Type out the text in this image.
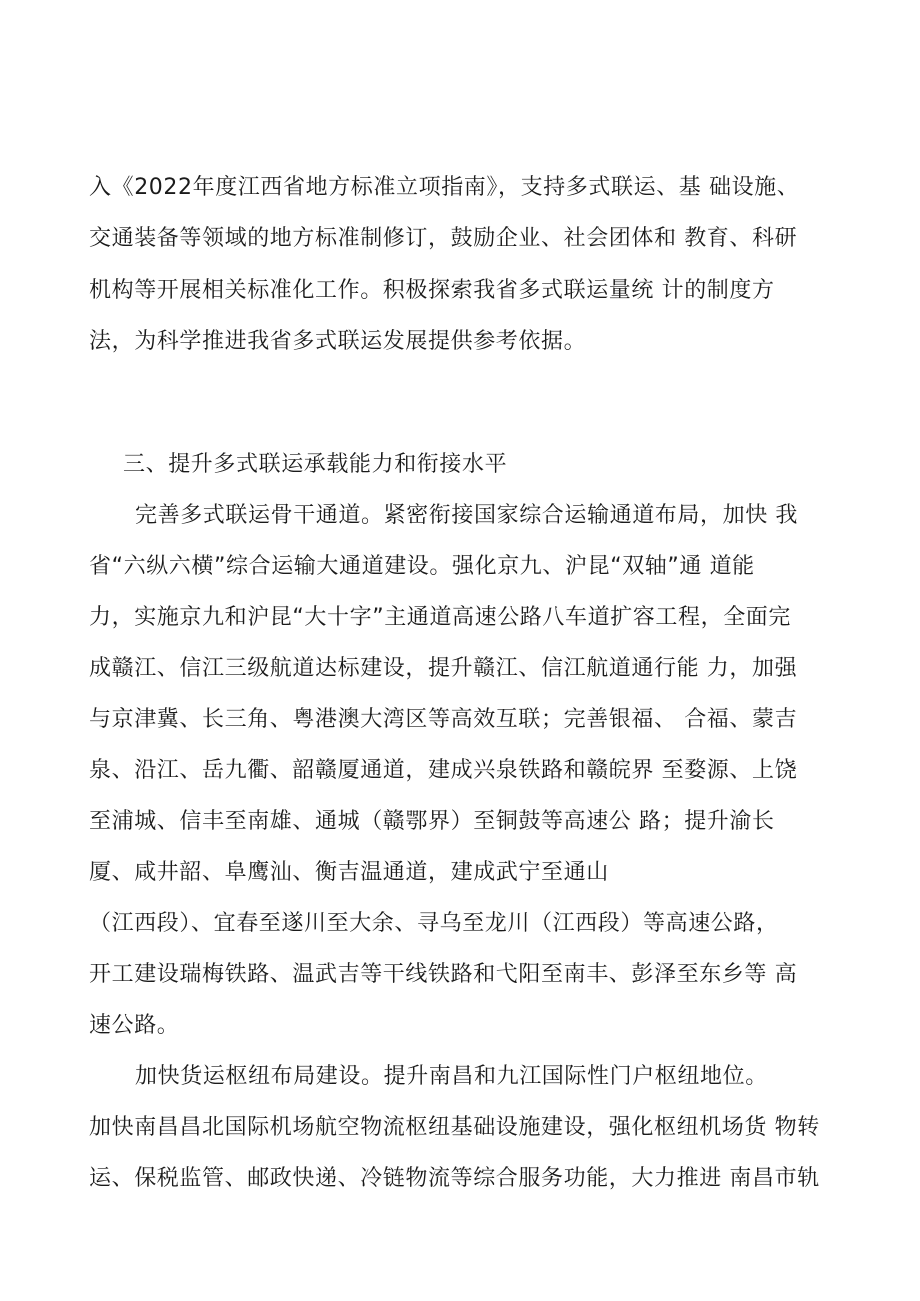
入《2022年度江西省地方标准立项指南》，支持多式联运、基 础设施、
交通装备等领域的地方标准制修订，鼓励企业、社会团体和 教育、科研
机构等开展相关标准化工作。积极探索我省多式联运量统 计的制度方
法，为科学推进我省多式联运发展提供参考依据。
三、提升多式联运承载能力和衔接水平
完善多式联运骨干通道。紧密衔接国家综合运输通道布局，加快 我
省“六纵六横”综合运输大通道建设。强化京九、沪昆“双轴”通 道能
力，实施京九和沪昆“大十字”主通道高速公路八车道扩容工程，全面完
成赣江、信江三级航道达标建设，提升赣江、信江航道通行能 力，加强
与京津冀、长三角、粤港澳大湾区等高效互联；完善银福、 合福、蒙吉
泉、沿江、岳九衢、韶赣厦通道，建成兴泉铁路和赣皖界 至婺源、上饶
至浦城、信丰至南雄、通城（赣鄂界）至铜鼓等高速公 路；提升渝长
厦、咸井韶、阜鹰汕、衡吉温通道，建成武宁至通山
（江西段）、宜春至遂川至大余、寻乌至龙川（江西段）等高速公路，
开工建设瑞梅铁路、温武吉等干线铁路和弋阳至南丰、彭泽至东乡等 高
速公路。
加快货运枢纽布局建设。提升南昌和九江国际性门户枢纽地位。
加快南昌昌北国际机场航空物流枢纽基础设施建设，强化枢纽机场货 物转
运、保税监管、邮政快递、冷链物流等综合服务功能，大力推进 南昌市轨
